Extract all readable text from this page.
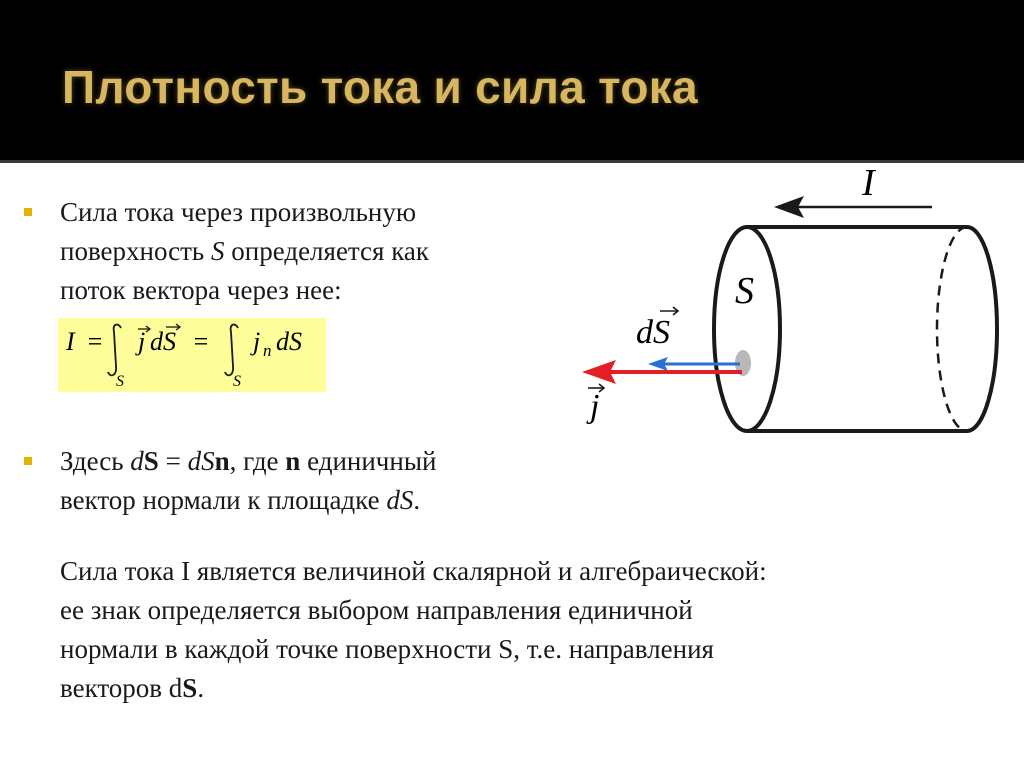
Плотность тока и сила тока
Сила тока через произвольную
поверхность S определяется как
поток вектора через нее:
I =
S
j dS =
S
j n dS
Здесь dS = dSn, где n единичный
вектор нормали к площадке dS.
Сила тока I является величиной скалярной и алгебраической:
ее знак определяется выбором направления единичной
нормали в каждой точке поверхности S, т.е. направления
векторов dS.
I
S
dS
j
